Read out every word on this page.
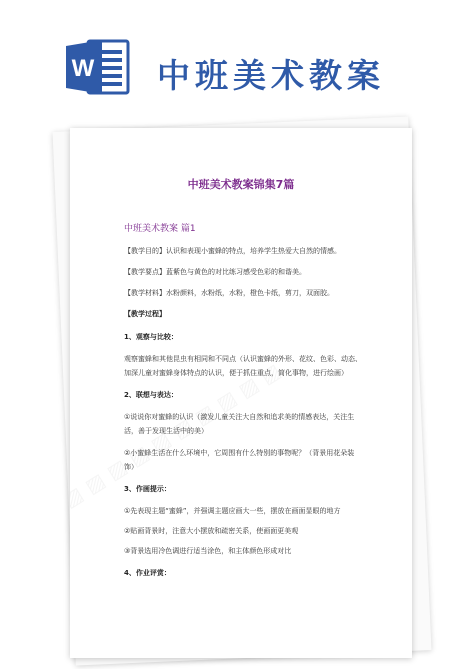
W 中班美术教案
中班美术教案锦集7篇
中班美术教案 篇1
【教学目的】认识和表现小蜜蜂的特点，培养学生热爱大自然的情感。
【教学要点】蓝紫色与黄色的对比练习感受色彩的和谐美。
【教学材料】水粉颜料，水粉纸，水粉，橙色卡纸，剪刀，双面胶。
【教学过程】
1、观察与比较：
观察蜜蜂和其他昆虫有相同和不同点（认识蜜蜂的外形、花纹、色彩、动态、
加深儿童对蜜蜂身体特点的认识，便于抓住重点，简化事物，进行绘画）
2、联想与表达：
①说说你对蜜蜂的认识（激发儿童关注大自然和追求美的情感表达，关注生
活，善于发现生活中的美）
②小蜜蜂生活在什么环境中，它周围有什么特别的事物呢？（背景用花朵装
饰）
3、作画提示：
①先表现主题“蜜蜂”，并强调主题应画大一些，摆放在画面显眼的地方
②贴画背景时，注意大小摆放和疏密关系，使画面更美观
③背景选用冷色调进行适当涂色，和主体颜色形成对比
4、作业评赏：
